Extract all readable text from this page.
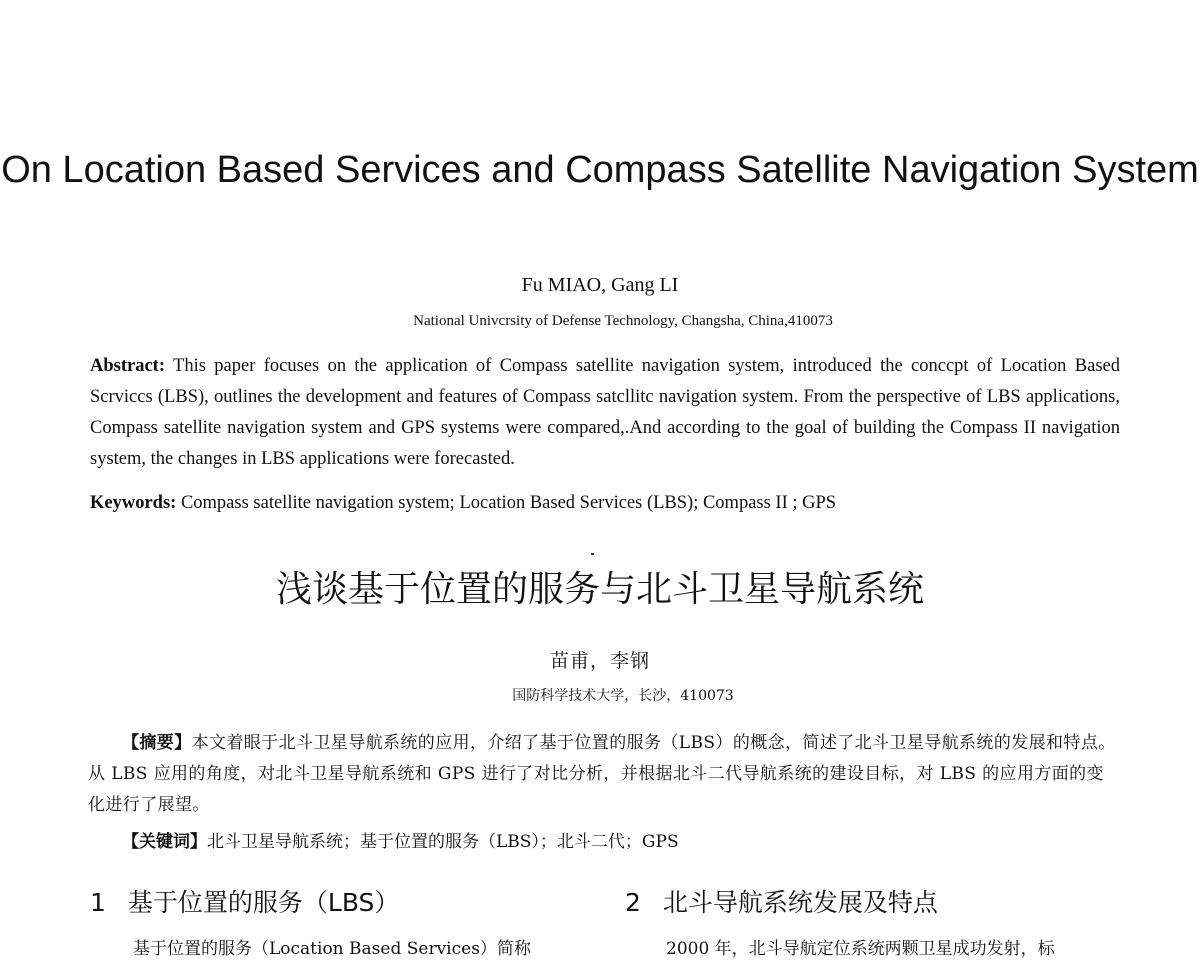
On Location Based Services and Compass Satellite Navigation System
Fu MIAO, Gang LI
National Univcrsity of Defense Technology, Changsha, China,410073
Abstract: This paper focuses on the application of Compass satellite navigation system, introduced the conccpt of Location Based Scrviccs (LBS), outlines the development and features of Compass satcllitc navigation system. From the perspective of LBS applications, Compass satellite navigation system and GPS systems were compared,.And according to the goal of building the Compass II navigation system, the changes in LBS applications were forecasted.
Keywords: Compass satellite navigation system; Location Based Services (LBS); Compass II ; GPS
浅谈基于位置的服务与北斗卫星导航系统
苗甫，李钢
国防科学技术大学，长沙，410073
【摘要】本文着眼于北斗卫星导航系统的应用，介绍了基于位置的服务（LBS）的概念，简述了北斗卫星导航系统的发展和特点。从 LBS 应用的角度，对北斗卫星导航系统和 GPS 进行了对比分析，并根据北斗二代导航系统的建设目标，对 LBS 的应用方面的变化进行了展望。
【关键词】北斗卫星导航系统；基于位置的服务（LBS）；北斗二代；GPS
1 基于位置的服务（LBS）	2 北斗导航系统发展及特点
基于位置的服务（Location Based Services）简称	2000 年，北斗导航定位系统两颗卫星成功发射，标
